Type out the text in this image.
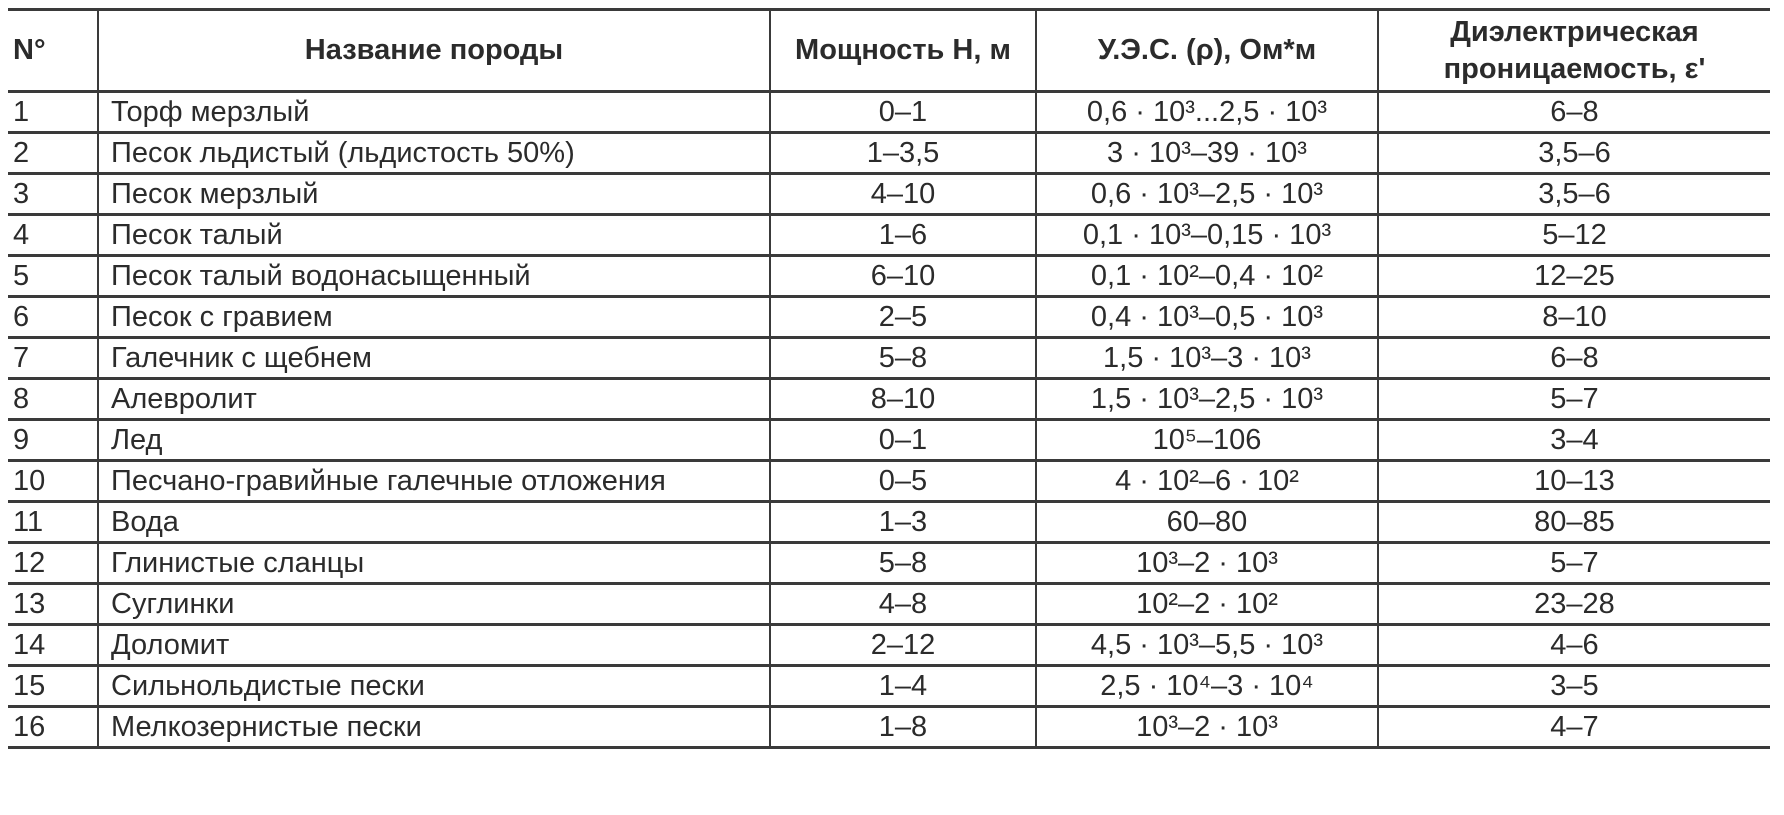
N°	Название породы	Мощность Н, м	У.Э.С. (ρ), Ом*м	Диэлектрическая проницаемость, ε'
1	Торф мерзлый	0–1	0,6 · 10³...2,5 · 10³	6–8
2	Песок льдистый (льдистость 50%)	1–3,5	3 · 10³–39 · 10³	3,5–6
3	Песок мерзлый	4–10	0,6 · 10³–2,5 · 10³	3,5–6
4	Песок талый	1–6	0,1 · 10³–0,15 · 10³	5–12
5	Песок талый водонасыщенный	6–10	0,1 · 10²–0,4 · 10²	12–25
6	Песок с гравием	2–5	0,4 · 10³–0,5 · 10³	8–10
7	Галечник с щебнем	5–8	1,5 · 10³–3 · 10³	6–8
8	Алевролит	8–10	1,5 · 10³–2,5 · 10³	5–7
9	Лед	0–1	10⁵–106	3–4
10	Песчано-гравийные галечные отложения	0–5	4 · 10²–6 · 10²	10–13
11	Вода	1–3	60–80	80–85
12	Глинистые сланцы	5–8	10³–2 · 10³	5–7
13	Суглинки	4–8	10²–2 · 10²	23–28
14	Доломит	2–12	4,5 · 10³–5,5 · 10³	4–6
15	Сильнольдистые пески	1–4	2,5 · 10⁴–3 · 10⁴	3–5
16	Мелкозернистые пески	1–8	10³–2 · 10³	4–7
